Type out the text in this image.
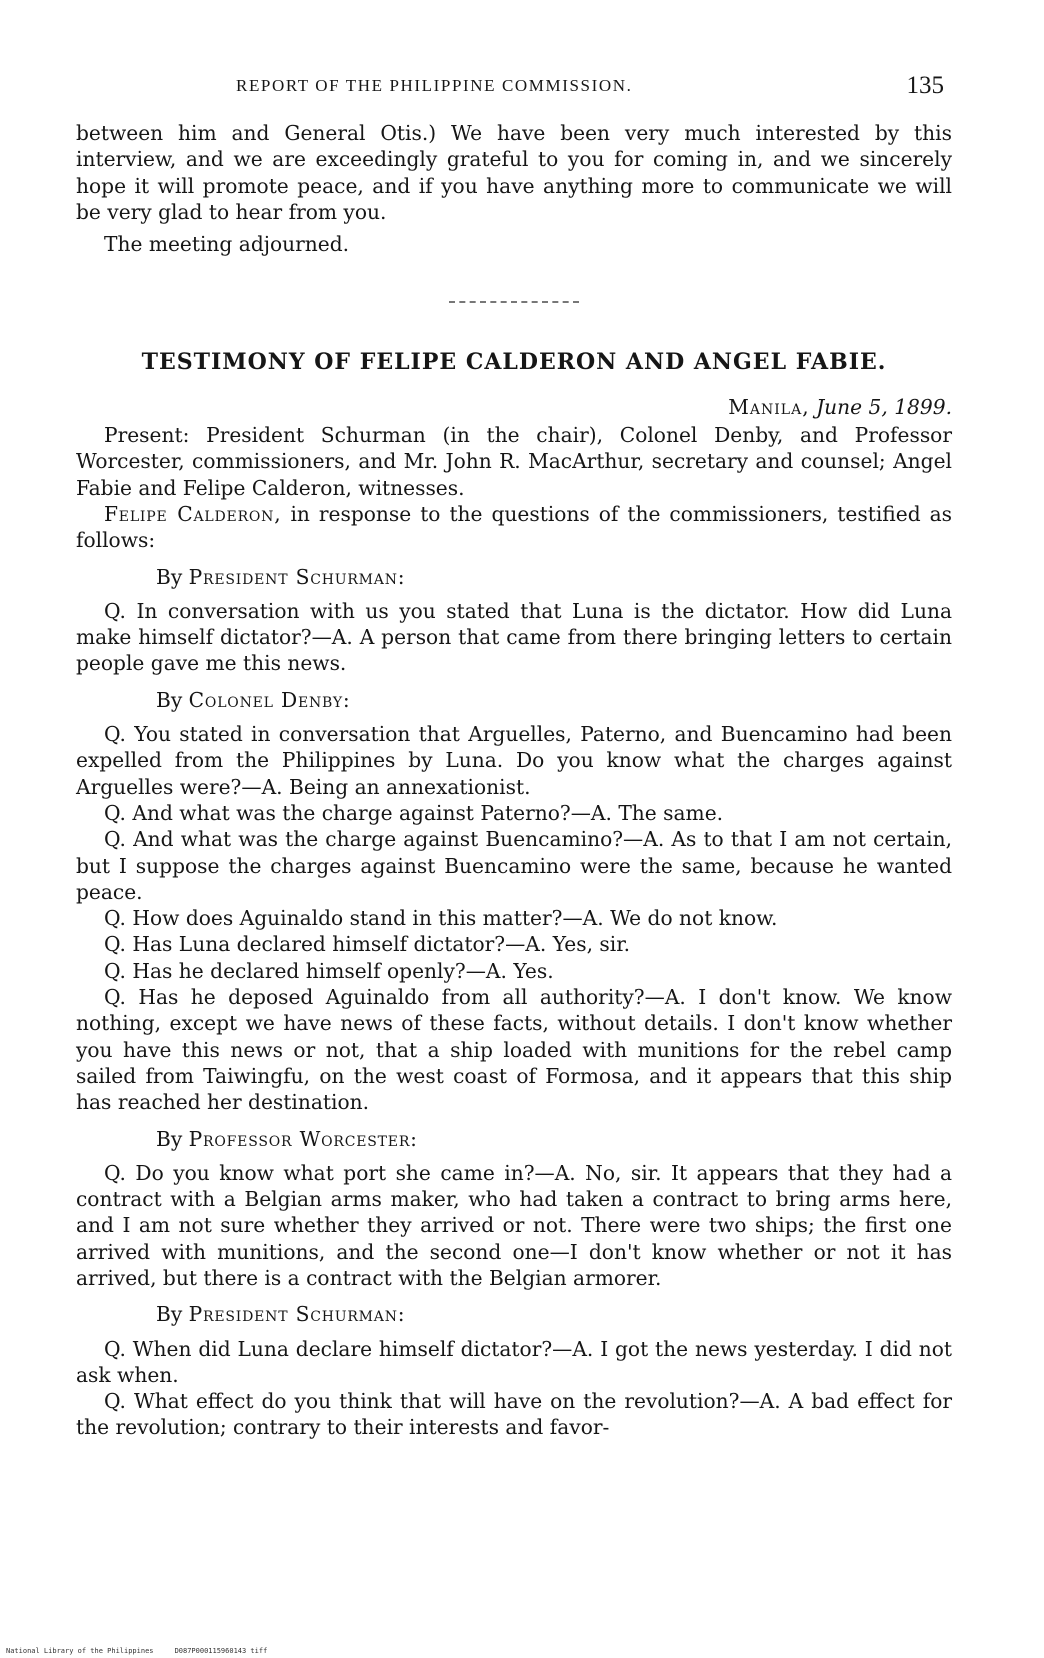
REPORT OF THE PHILIPPINE COMMISSION.	135

between him and General Otis.) We have been very much interested by this interview, and we are exceedingly grateful to you for coming in, and we sincerely hope it will promote peace, and if you have anything more to communicate we will be very glad to hear from you.

The meeting adjourned.

TESTIMONY OF FELIPE CALDERON AND ANGEL FABIE.

Manila, June 5, 1899.

Present: President Schurman (in the chair), Colonel Denby, and Professor Worcester, commissioners, and Mr. John R. MacArthur, secretary and counsel; Angel Fabie and Felipe Calderon, witnesses.

Felipe Calderon, in response to the questions of the commissioners, testified as follows:

By President Schurman:

Q. In conversation with us you stated that Luna is the dictator. How did Luna make himself dictator?—A. A person that came from there bringing letters to certain people gave me this news.

By Colonel Denby:

Q. You stated in conversation that Arguelles, Paterno, and Buencamino had been expelled from the Philippines by Luna. Do you know what the charges against Arguelles were?—A. Being an annexationist.

Q. And what was the charge against Paterno?—A. The same.

Q. And what was the charge against Buencamino?—A. As to that I am not certain, but I suppose the charges against Buencamino were the same, because he wanted peace.

Q. How does Aguinaldo stand in this matter?—A. We do not know.

Q. Has Luna declared himself dictator?—A. Yes, sir.

Q. Has he declared himself openly?—A. Yes.

Q. Has he deposed Aguinaldo from all authority?—A. I don't know. We know nothing, except we have news of these facts, without details. I don't know whether you have this news or not, that a ship loaded with munitions for the rebel camp sailed from Taiwingfu, on the west coast of Formosa, and it appears that this ship has reached her destination.

By Professor Worcester:

Q. Do you know what port she came in?—A. No, sir. It appears that they had a contract with a Belgian arms maker, who had taken a contract to bring arms here, and I am not sure whether they arrived or not. There were two ships; the first one arrived with munitions, and the second one—I don't know whether or not it has arrived, but there is a contract with the Belgian armorer.

By President Schurman:

Q. When did Luna declare himself dictator?—A. I got the news yesterday. I did not ask when.

Q. What effect do you think that will have on the revolution?—A. A bad effect for the revolution; contrary to their interests and favor-

National Library of the Philippines     D087P000115960143 tiff
